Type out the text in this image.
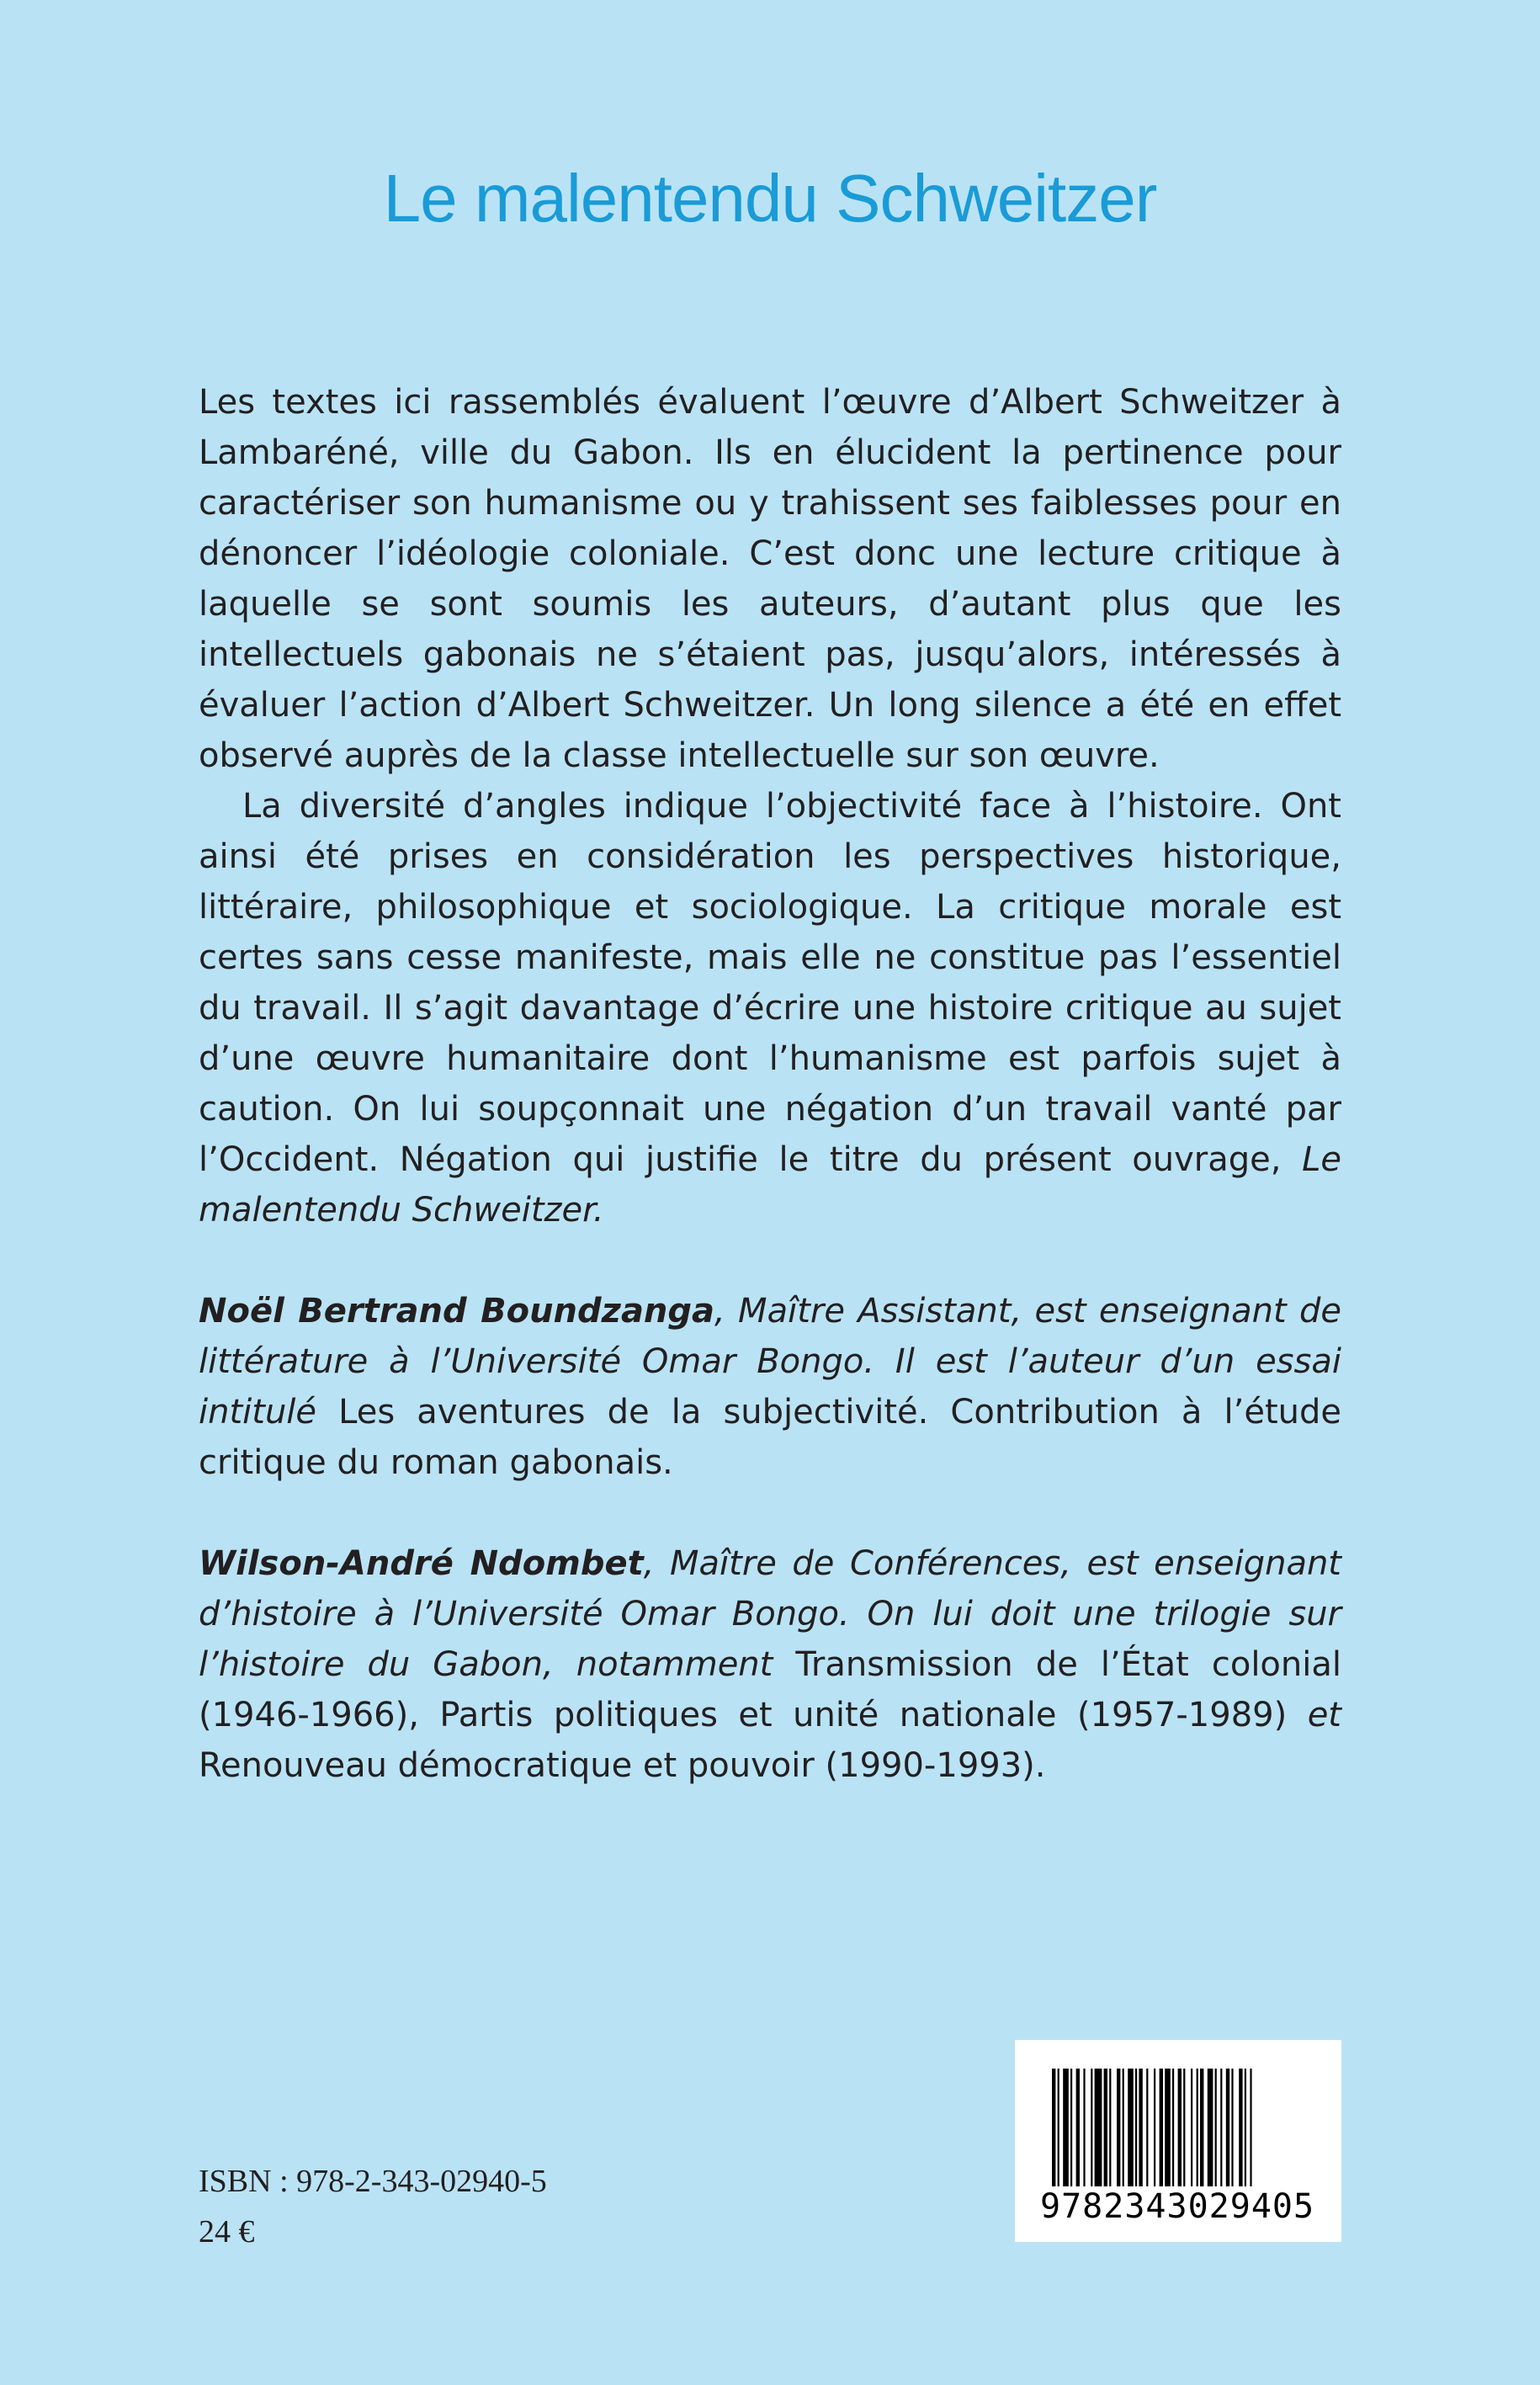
Le malentendu Schweitzer

Les textes ici rassemblés évaluent l’œuvre d’Albert Schweitzer à Lambaréné, ville du Gabon. Ils en élucident la pertinence pour caractériser son humanisme ou y trahissent ses faiblesses pour en dénoncer l’idéologie coloniale. C’est donc une lecture critique à laquelle se sont soumis les auteurs, d’autant plus que les intellectuels gabonais ne s’étaient pas, jusqu’alors, intéressés à évaluer l’action d’Albert Schweitzer. Un long silence a été en effet observé auprès de la classe intellectuelle sur son œuvre.

La diversité d’angles indique l’objectivité face à l’histoire. Ont ainsi été prises en considération les perspectives historique, littéraire, philosophique et sociologique. La critique morale est certes sans cesse manifeste, mais elle ne constitue pas l’essentiel du travail. Il s’agit davantage d’écrire une histoire critique au sujet d’une œuvre humanitaire dont l’humanisme est parfois sujet à caution. On lui soupçonnait une négation d’un travail vanté par l’Occident. Négation qui justifie le titre du présent ouvrage, Le malentendu Schweitzer.

Noël Bertrand Boundzanga, Maître Assistant, est enseignant de littérature à l’Université Omar Bongo. Il est l’auteur d’un essai intitulé Les aventures de la subjectivité. Contribution à l’étude critique du roman gabonais.

Wilson-André Ndombet, Maître de Conférences, est enseignant d’histoire à l’Université Omar Bongo. On lui doit une trilogie sur l’histoire du Gabon, notamment Transmission de l’État colonial (1946-1966), Partis politiques et unité nationale (1957-1989) et Renouveau démocratique et pouvoir (1990-1993).

ISBN : 978-2-343-02940-5
24 €
9782343029405
